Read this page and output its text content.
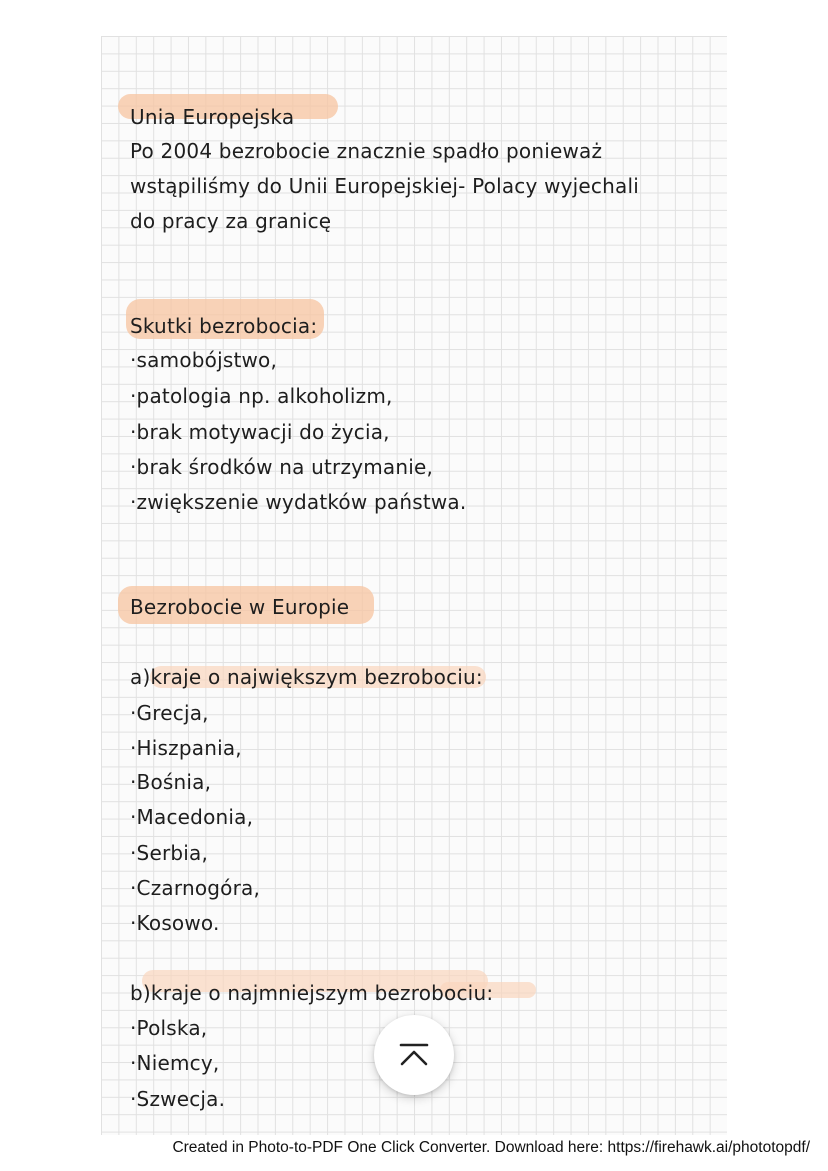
Unia Europejska
Po 2004 bezrobocie znacznie spadło ponieważ
wstąpiliśmy do Unii Europejskiej- Polacy wyjechali
do pracy za granicę
Skutki bezrobocia:
·samobójstwo,
·patologia np. alkoholizm,
·brak motywacji do życia,
·brak środków na utrzymanie,
·zwiększenie wydatków państwa.
Bezrobocie w Europie
a)kraje o największym bezrobociu:
·Grecja,
·Hiszpania,
·Bośnia,
·Macedonia,
·Serbia,
·Czarnogóra,
·Kosowo.
b)kraje o najmniejszym bezrobociu:
·Polska,
·Niemcy,
·Szwecja.
Created in Photo-to-PDF One Click Converter. Download here: https://firehawk.ai/phototopdf/
